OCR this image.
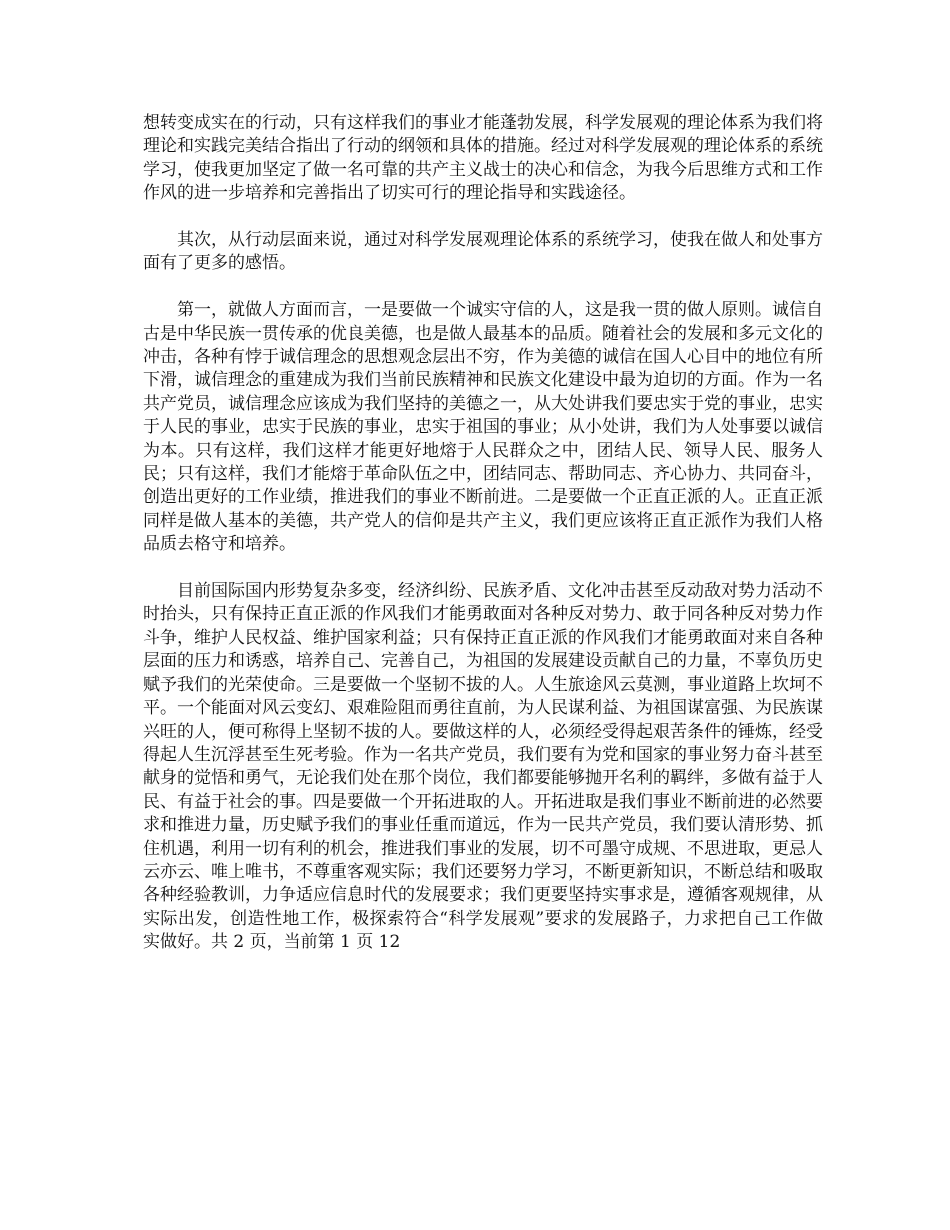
想转变成实在的行动，只有这样我们的事业才能蓬勃发展，科学发展观的理论体系为我们将理论和实践完美结合指出了行动的纲领和具体的措施。经过对科学发展观的理论体系的系统学习，使我更加坚定了做一名可靠的共产主义战士的决心和信念，为我今后思维方式和工作作风的进一步培养和完善指出了切实可行的理论指导和实践途径。

其次，从行动层面来说，通过对科学发展观理论体系的系统学习，使我在做人和处事方面有了更多的感悟。

第一，就做人方面而言，一是要做一个诚实守信的人，这是我一贯的做人原则。诚信自古是中华民族一贯传承的优良美德，也是做人最基本的品质。随着社会的发展和多元文化的冲击，各种有悖于诚信理念的思想观念层出不穷，作为美德的诚信在国人心目中的地位有所下滑，诚信理念的重建成为我们当前民族精神和民族文化建设中最为迫切的方面。作为一名共产党员，诚信理念应该成为我们坚持的美德之一，从大处讲我们要忠实于党的事业，忠实于人民的事业，忠实于民族的事业，忠实于祖国的事业；从小处讲，我们为人处事要以诚信为本。只有这样，我们这样才能更好地熔于人民群众之中，团结人民、领导人民、服务人民；只有这样，我们才能熔于革命队伍之中，团结同志、帮助同志、齐心协力、共同奋斗，创造出更好的工作业绩，推进我们的事业不断前进。二是要做一个正直正派的人。正直正派同样是做人基本的美德，共产党人的信仰是共产主义，我们更应该将正直正派作为我们人格品质去格守和培养。

目前国际国内形势复杂多变，经济纠纷、民族矛盾、文化冲击甚至反动敌对势力活动不时抬头，只有保持正直正派的作风我们才能勇敢面对各种反对势力、敢于同各种反对势力作斗争，维护人民权益、维护国家利益；只有保持正直正派的作风我们才能勇敢面对来自各种层面的压力和诱惑，培养自己、完善自己，为祖国的发展建设贡献自己的力量，不辜负历史赋予我们的光荣使命。三是要做一个坚韧不拔的人。人生旅途风云莫测，事业道路上坎坷不平。一个能面对风云变幻、艰难险阻而勇往直前，为人民谋利益、为祖国谋富强、为民族谋兴旺的人，便可称得上坚韧不拔的人。要做这样的人，必须经受得起艰苦条件的锤炼，经受得起人生沉浮甚至生死考验。作为一名共产党员，我们要有为党和国家的事业努力奋斗甚至献身的觉悟和勇气，无论我们处在那个岗位，我们都要能够抛开名利的羁绊，多做有益于人民、有益于社会的事。四是要做一个开拓进取的人。开拓进取是我们事业不断前进的必然要求和推进力量，历史赋予我们的事业任重而道远，作为一民共产党员，我们要认清形势、抓住机遇，利用一切有利的机会，推进我们事业的发展，切不可墨守成规、不思进取，更忌人云亦云、唯上唯书，不尊重客观实际；我们还要努力学习，不断更新知识，不断总结和吸取各种经验教训，力争适应信息时代的发展要求；我们更要坚持实事求是，遵循客观规律，从实际出发，创造性地工作，极探索符合“科学发展观”要求的发展路子，力求把自己工作做实做好。共 2 页，当前第 1 页 12
